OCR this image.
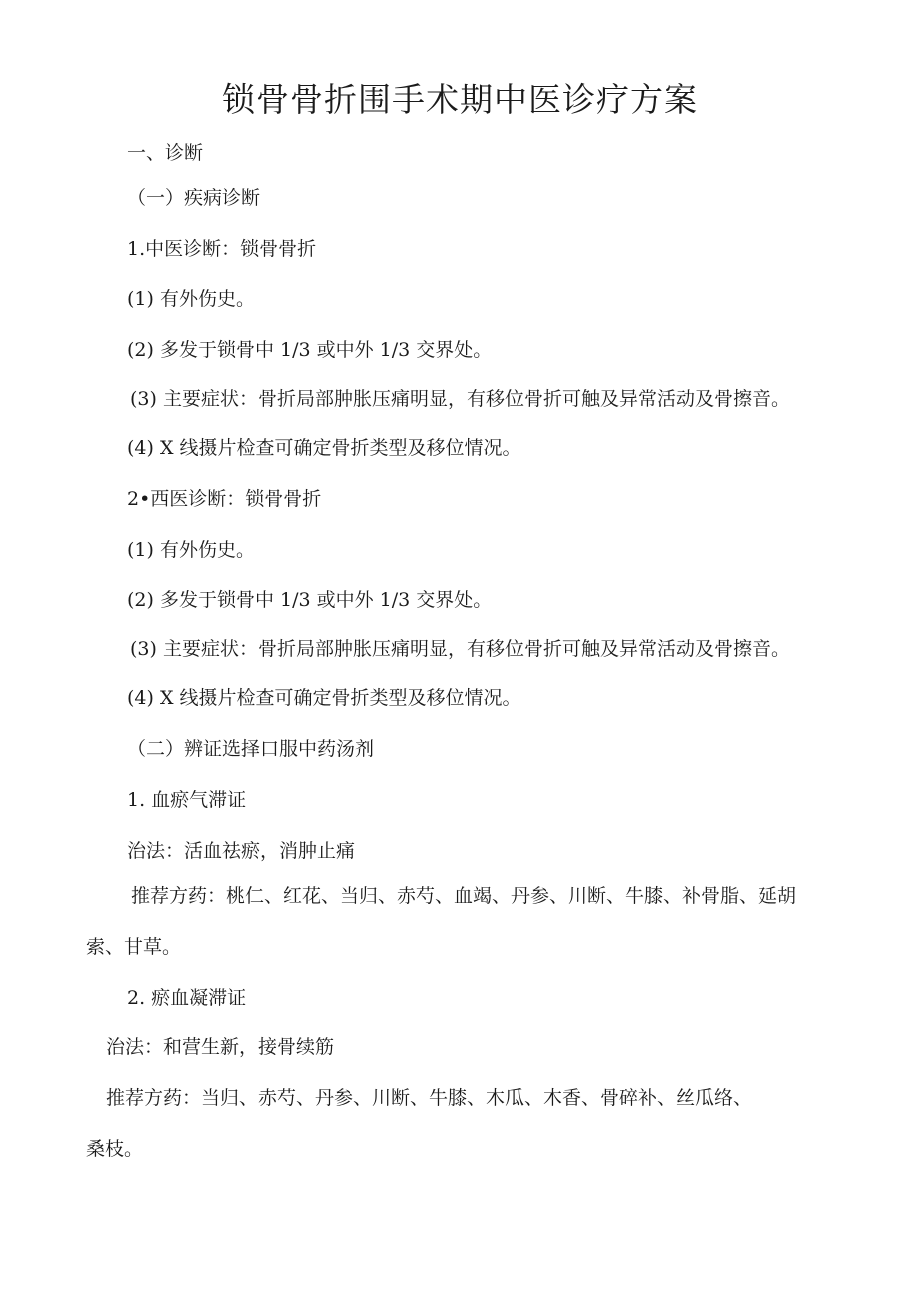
锁骨骨折围手术期中医诊疗方案

一、诊断

（一）疾病诊断

1.中医诊断：锁骨骨折

(1) 有外伤史。

(2) 多发于锁骨中 1/3 或中外 1/3 交界处。

(3) 主要症状：骨折局部肿胀压痛明显，有移位骨折可触及异常活动及骨擦音。

(4) X 线摄片检查可确定骨折类型及移位情况。

2•西医诊断：锁骨骨折

(1) 有外伤史。

(2) 多发于锁骨中 1/3 或中外 1/3 交界处。

(3) 主要症状：骨折局部肿胀压痛明显，有移位骨折可触及异常活动及骨擦音。

(4) X 线摄片检查可确定骨折类型及移位情况。

（二）辨证选择口服中药汤剂

1. 血瘀气滞证

治法：活血祛瘀，消肿止痛

推荐方药：桃仁、红花、当归、赤芍、血竭、丹参、川断、牛膝、补骨脂、延胡

索、甘草。

2. 瘀血凝滞证

治法：和营生新，接骨续筋

推荐方药：当归、赤芍、丹参、川断、牛膝、木瓜、木香、骨碎补、丝瓜络、

桑枝。
